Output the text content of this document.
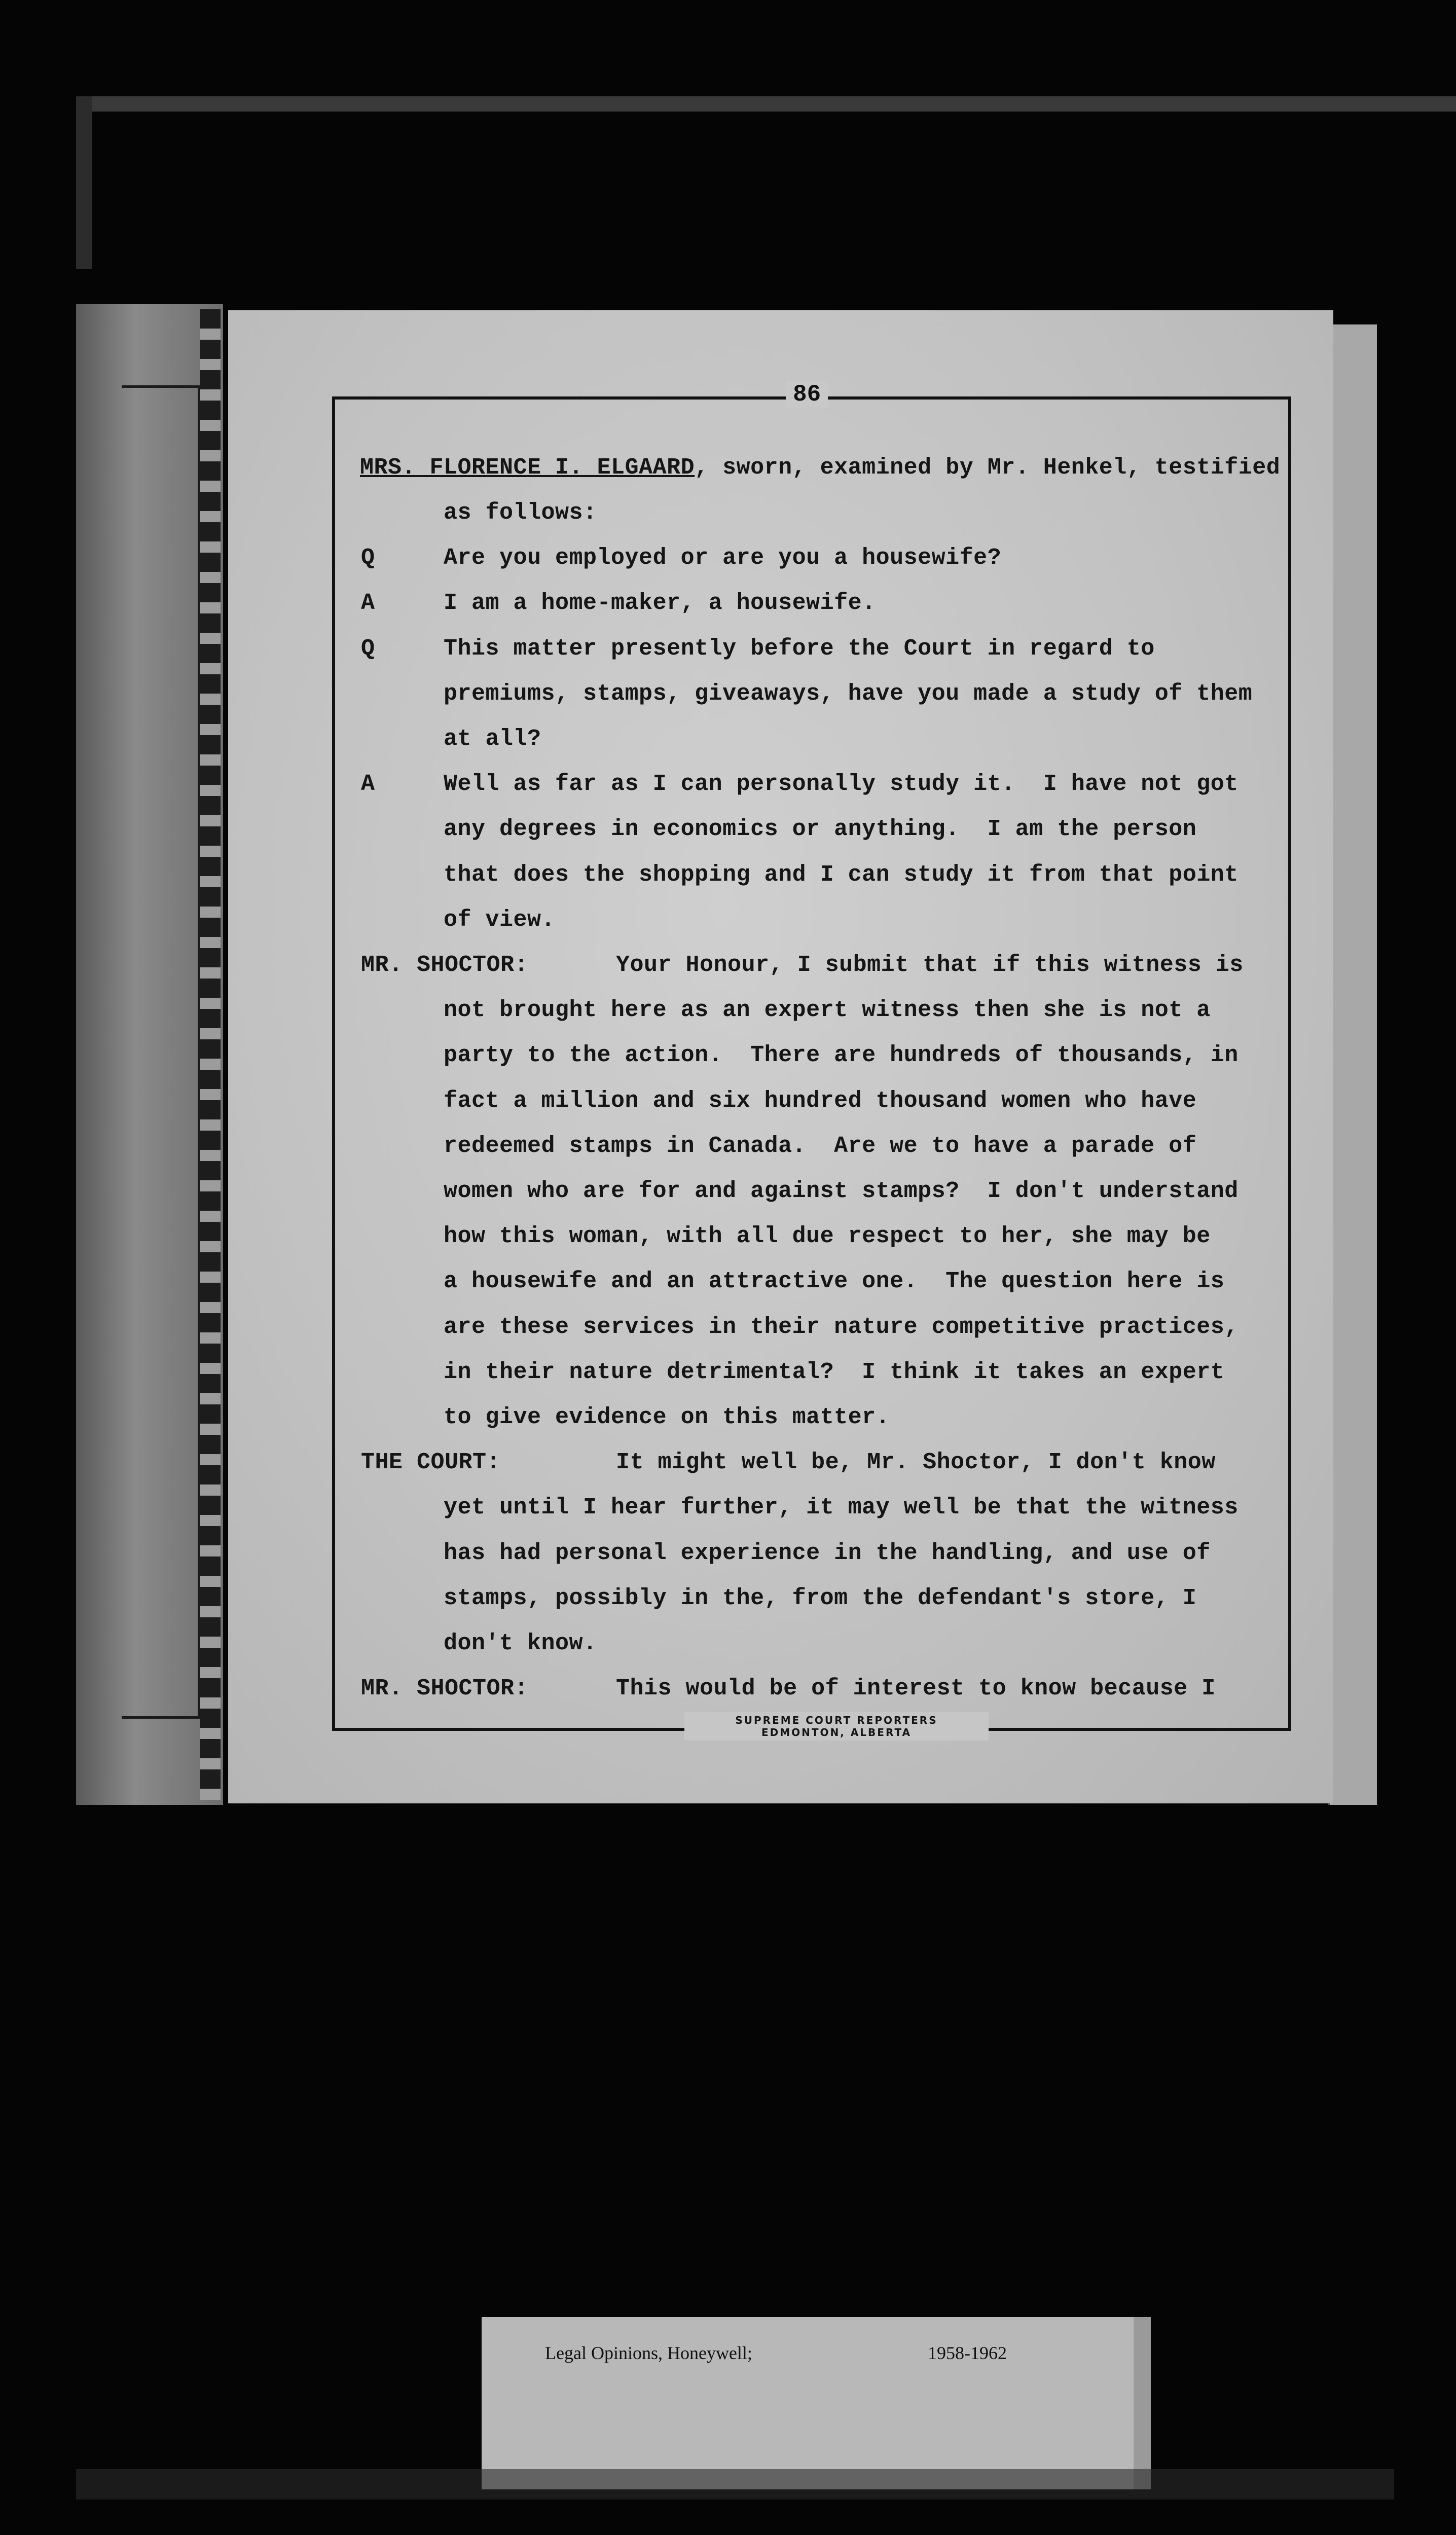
86
MRS. FLORENCE I. ELGAARD, sworn, examined by Mr. Henkel, testified
as follows:
Q	Are you employed or are you a housewife?
A	I am a home-maker, a housewife.
Q	This matter presently before the Court in regard to
premiums, stamps, giveaways, have you made a study of them
at all?
A	Well as far as I can personally study it.  I have not got
any degrees in economics or anything.  I am the person
that does the shopping and I can study it from that point
of view.
MR. SHOCTOR: Your Honour, I submit that if this witness is
not brought here as an expert witness then she is not a
party to the action.  There are hundreds of thousands, in
fact a million and six hundred thousand women who have
redeemed stamps in Canada.  Are we to have a parade of
women who are for and against stamps?  I don't understand
how this woman, with all due respect to her, she may be
a housewife and an attractive one.  The question here is
are these services in their nature competitive practices,
in their nature detrimental?  I think it takes an expert
to give evidence on this matter.
THE COURT: It might well be, Mr. Shoctor, I don't know
yet until I hear further, it may well be that the witness
has had personal experience in the handling, and use of
stamps, possibly in the, from the defendant's store, I
don't know.
MR. SHOCTOR: This would be of interest to know because I
SUPREME COURT REPORTERS
EDMONTON, ALBERTA
Legal Opinions, Honeywell;	1958-1962
